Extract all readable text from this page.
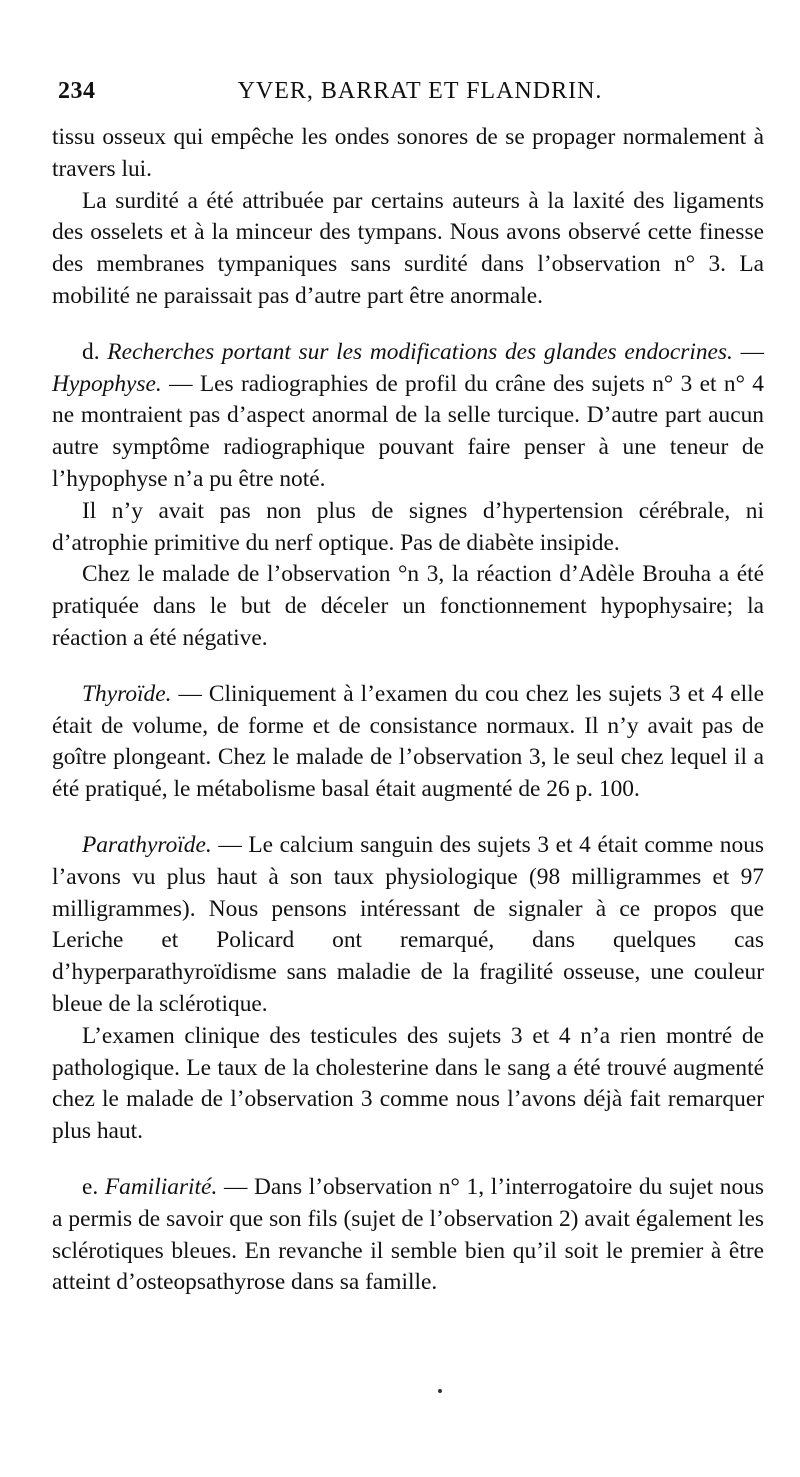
234	YVER, BARRAT ET FLANDRIN.

tissu osseux qui empêche les ondes sonores de se propager normalement à travers lui.

La surdité a été attribuée par certains auteurs à la laxité des ligaments des osselets et à la minceur des tympans. Nous avons observé cette finesse des membranes tympaniques sans surdité dans l’observation n° 3. La mobilité ne paraissait pas d’autre part être anormale.

d. Recherches portant sur les modifications des glandes endocrines. — Hypophyse. — Les radiographies de profil du crâne des sujets n° 3 et n° 4 ne montraient pas d’aspect anormal de la selle turcique. D’autre part aucun autre symptôme radiographique pouvant faire penser à une teneur de l’hypophyse n’a pu être noté.

Il n’y avait pas non plus de signes d’hypertension cérébrale, ni d’atrophie primitive du nerf optique. Pas de diabète insipide.

Chez le malade de l’observation °n 3, la réaction d’Adèle Brouha a été pratiquée dans le but de déceler un fonctionnement hypophysaire; la réaction a été négative.

Thyroïde. — Cliniquement à l’examen du cou chez les sujets 3 et 4 elle était de volume, de forme et de consistance normaux. Il n’y avait pas de goître plongeant. Chez le malade de l’observation 3, le seul chez lequel il a été pratiqué, le métabolisme basal était augmenté de 26 p. 100.

Parathyroïde. — Le calcium sanguin des sujets 3 et 4 était comme nous l’avons vu plus haut à son taux physiologique (98 milligrammes et 97 milligrammes). Nous pensons intéressant de signaler à ce propos que Leriche et Policard ont remarqué, dans quelques cas d’hyperparathyroïdisme sans maladie de la fragilité osseuse, une couleur bleue de la sclérotique.

L’examen clinique des testicules des sujets 3 et 4 n’a rien montré de pathologique. Le taux de la cholesterine dans le sang a été trouvé augmenté chez le malade de l’observation 3 comme nous l’avons déjà fait remarquer plus haut.

e. Familiarité. — Dans l’observation n° 1, l’interrogatoire du sujet nous a permis de savoir que son fils (sujet de l’observation 2) avait également les sclérotiques bleues. En revanche il semble bien qu’il soit le premier à être atteint d’osteopsathyrose dans sa famille.
